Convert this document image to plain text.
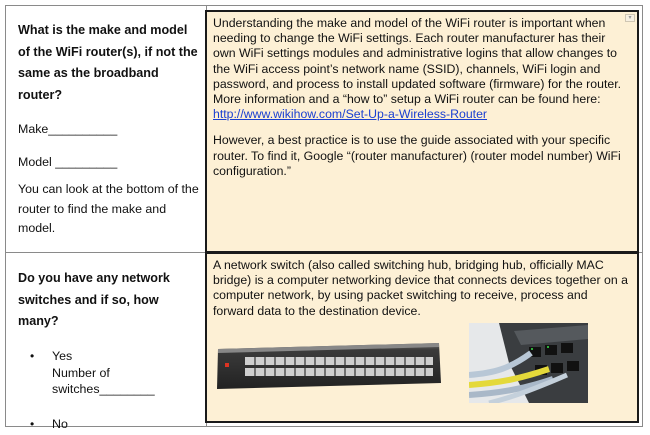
What is the make and model of the WiFi router(s), if not the same as the broadband router?

Make__________

Model _________

You can look at the bottom of the router to find the make and model.

▾

Understanding the make and model of the WiFi router is important when needing to change the WiFi settings. Each router manufacturer has their own WiFi settings modules and administrative logins that allow changes to the WiFi access point’s network name (SSID), channels, WiFi login and password, and process to install updated software (firmware) for the router. More information and a “how to” setup a WiFi router can be found here: http://www.wikihow.com/Set-Up-a-Wireless-Router

However, a best practice is to use the guide associated with your specific router. To find it, Google “(router manufacturer) (router model number) WiFi configuration.”

Do you have any network switches and if so, how many?

• Yes
Number of
switches________
• No

A network switch (also called switching hub, bridging hub, officially MAC bridge) is a computer networking device that connects devices together on a computer network, by using packet switching to receive, process and forward data to the destination device.
